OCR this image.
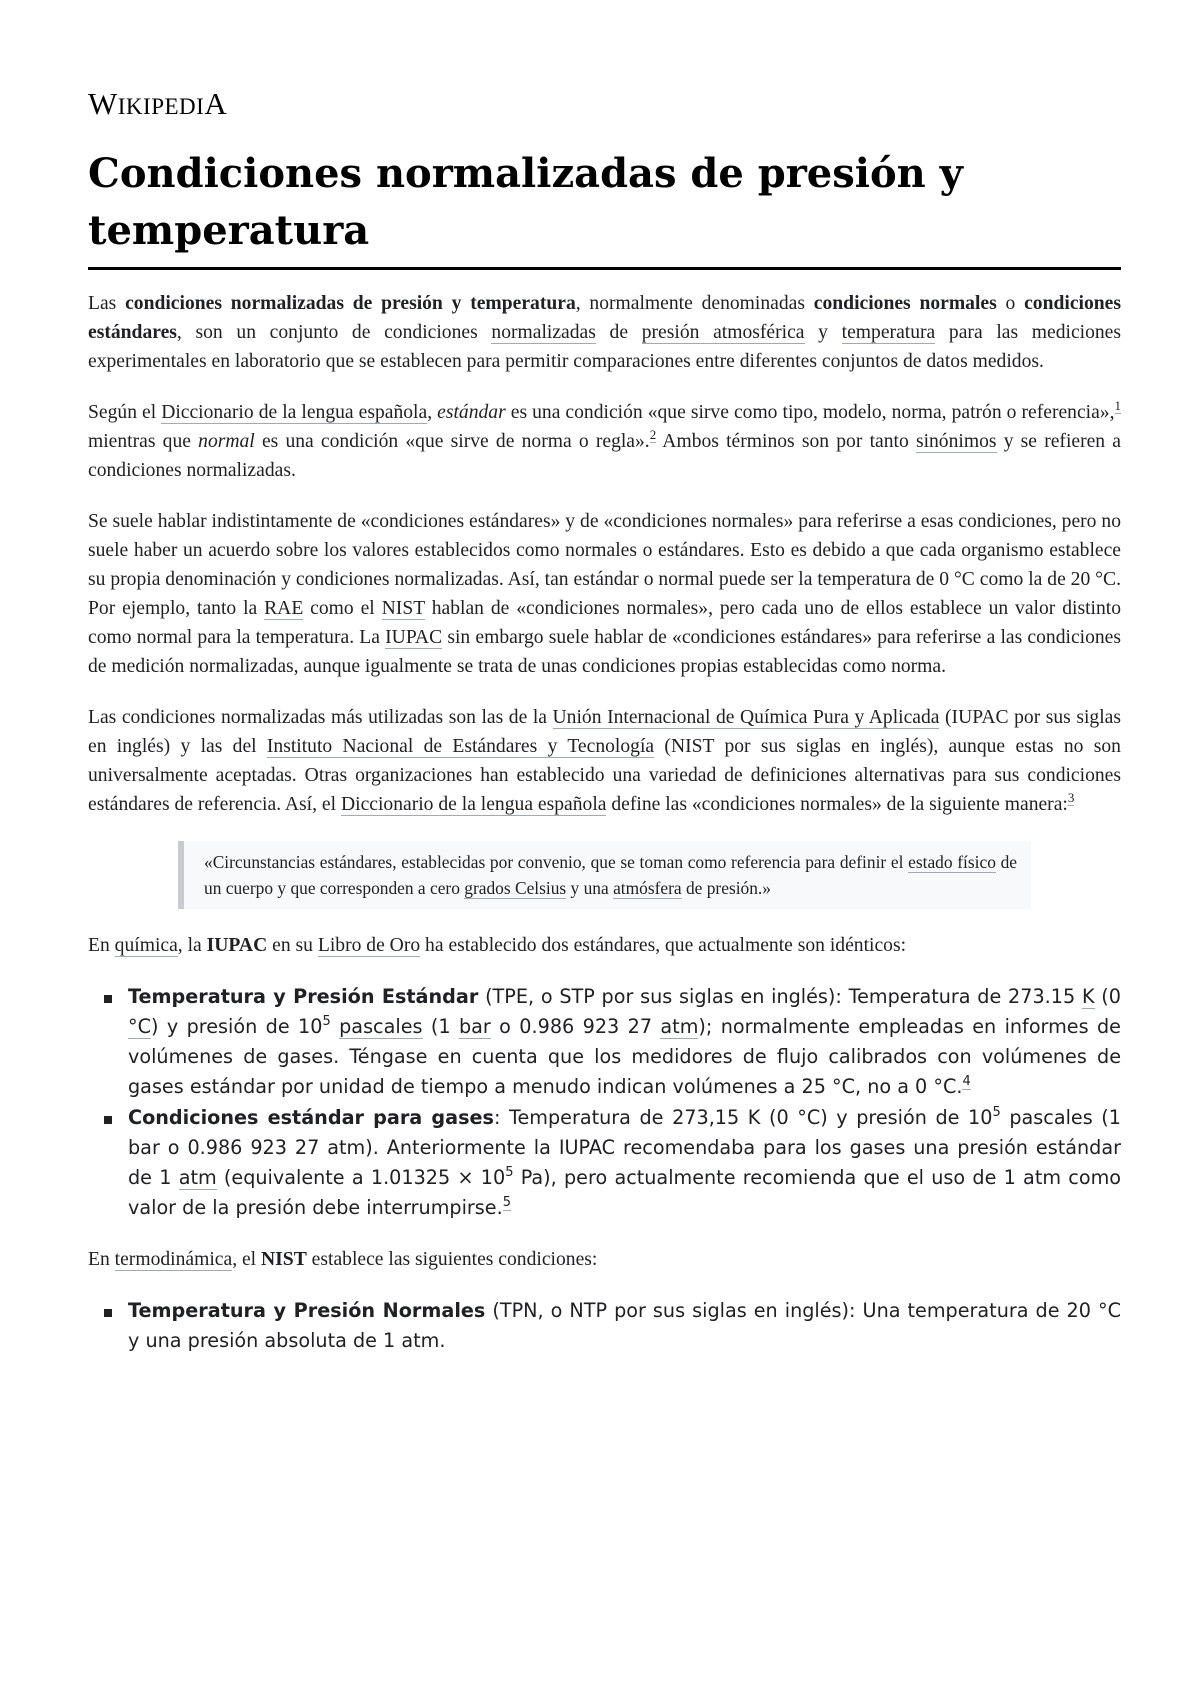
WIKIPEDIA
Condiciones normalizadas de presión y temperatura

Las condiciones normalizadas de presión y temperatura, normalmente denominadas condiciones normales o condiciones estándares, son un conjunto de condiciones normalizadas de presión atmosférica y temperatura para las mediciones experimentales en laboratorio que se establecen para permitir comparaciones entre diferentes conjuntos de datos medidos.

Según el Diccionario de la lengua española, estándar es una condición «que sirve como tipo, modelo, norma, patrón o referencia»,$^1$ mientras que normal es una condición «que sirve de norma o regla».$^2$ Ambos términos son por tanto sinónimos y se refieren a condiciones normalizadas.

Se suele hablar indistintamente de «condiciones estándares» y de «condiciones normales» para referirse a esas condiciones, pero no suele haber un acuerdo sobre los valores establecidos como normales o estándares. Esto es debido a que cada organismo establece su propia denominación y condiciones normalizadas. Así, tan estándar o normal puede ser la temperatura de 0 °C como la de 20 °C. Por ejemplo, tanto la RAE como el NIST hablan de «condiciones normales», pero cada uno de ellos establece un valor distinto como normal para la temperatura. La IUPAC sin embargo suele hablar de «condiciones estándares» para referirse a las condiciones de medición normalizadas, aunque igualmente se trata de unas condiciones propias establecidas como norma.

Las condiciones normalizadas más utilizadas son las de la Unión Internacional de Química Pura y Aplicada (IUPAC por sus siglas en inglés) y las del Instituto Nacional de Estándares y Tecnología (NIST por sus siglas en inglés), aunque estas no son universalmente aceptadas. Otras organizaciones han establecido una variedad de definiciones alternativas para sus condiciones estándares de referencia. Así, el Diccionario de la lengua española define las «condiciones normales» de la siguiente manera:$^3$

«Circunstancias estándares, establecidas por convenio, que se toman como referencia para definir el estado físico de un cuerpo y que corresponden a cero grados Celsius y una atmósfera de presión.»

En química, la IUPAC en su Libro de Oro ha establecido dos estándares, que actualmente son idénticos:

Temperatura y Presión Estándar (TPE, o STP por sus siglas en inglés): Temperatura de 273.15 K (0 °C) y presión de $10^5$ pascales (1 bar o 0.986 923 27 atm); normalmente empleadas en informes de volúmenes de gases. Téngase en cuenta que los medidores de flujo calibrados con volúmenes de gases estándar por unidad de tiempo a menudo indican volúmenes a 25 °C, no a 0 °C.$^4$
Condiciones estándar para gases: Temperatura de 273,15 K (0 °C) y presión de $10^5$ pascales (1 bar o 0.986 923 27 atm). Anteriormente la IUPAC recomendaba para los gases una presión estándar de 1 atm (equivalente a $1.01325 \times 10^5$ Pa), pero actualmente recomienda que el uso de 1 atm como valor de la presión debe interrumpirse.$^5$

En termodinámica, el NIST establece las siguientes condiciones:

Temperatura y Presión Normales (TPN, o NTP por sus siglas en inglés): Una temperatura de 20 °C y una presión absoluta de 1 atm.
